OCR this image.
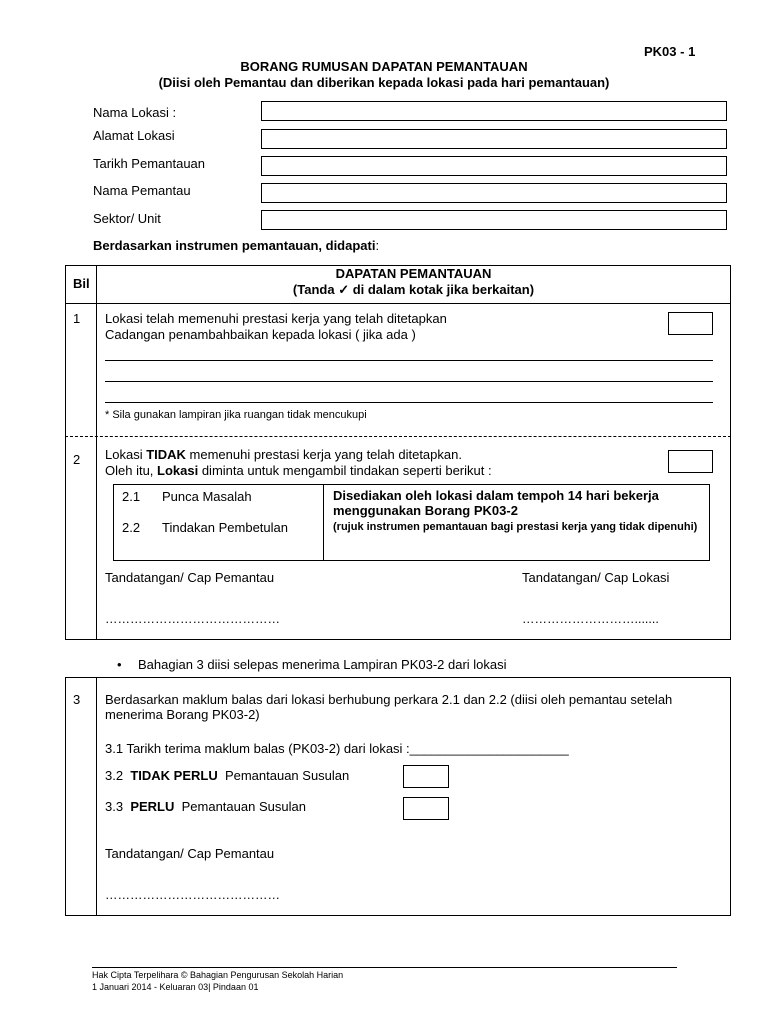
PK03 - 1
BORANG RUMUSAN DAPATAN PEMANTAUAN
(Diisi oleh Pemantau dan diberikan kepada lokasi pada hari pemantauan)
Nama Lokasi :
Alamat Lokasi
Tarikh Pemantauan
Nama Pemantau
Sektor/ Unit
Berdasarkan instrumen pemantauan, didapati:
Bil
DAPATAN PEMANTAUAN
(Tanda ✓ di dalam kotak jika berkaitan)
1 Lokasi telah memenuhi prestasi kerja yang telah ditetapkan
Cadangan penambahbaikan kepada lokasi ( jika ada )
* Sila gunakan lampiran jika ruangan tidak mencukupi
2 Lokasi TIDAK memenuhi prestasi kerja yang telah ditetapkan.
Oleh itu, Lokasi diminta untuk mengambil tindakan seperti berikut :
2.1 Punca Masalah
2.2 Tindakan Pembetulan
Disediakan oleh lokasi dalam tempoh 14 hari bekerja menggunakan Borang PK03-2
(rujuk instrumen pemantauan bagi prestasi kerja yang tidak dipenuhi)
Tandatangan/ Cap Pemantau	Tandatangan/ Cap Lokasi
……………………………………	……………………….......
• Bahagian 3 diisi selepas menerima Lampiran PK03-2 dari lokasi
3 Berdasarkan maklum balas dari lokasi berhubung perkara 2.1 dan 2.2 (diisi oleh pemantau setelah menerima Borang PK03-2)
3.1 Tarikh terima maklum balas (PK03-2) dari lokasi :______________________
3.2 TIDAK PERLU Pemantauan Susulan
3.3 PERLU Pemantauan Susulan
Tandatangan/ Cap Pemantau
……………………………………
Hak Cipta Terpelihara © Bahagian Pengurusan Sekolah Harian
1 Januari 2014 - Keluaran 03| Pindaan 01
